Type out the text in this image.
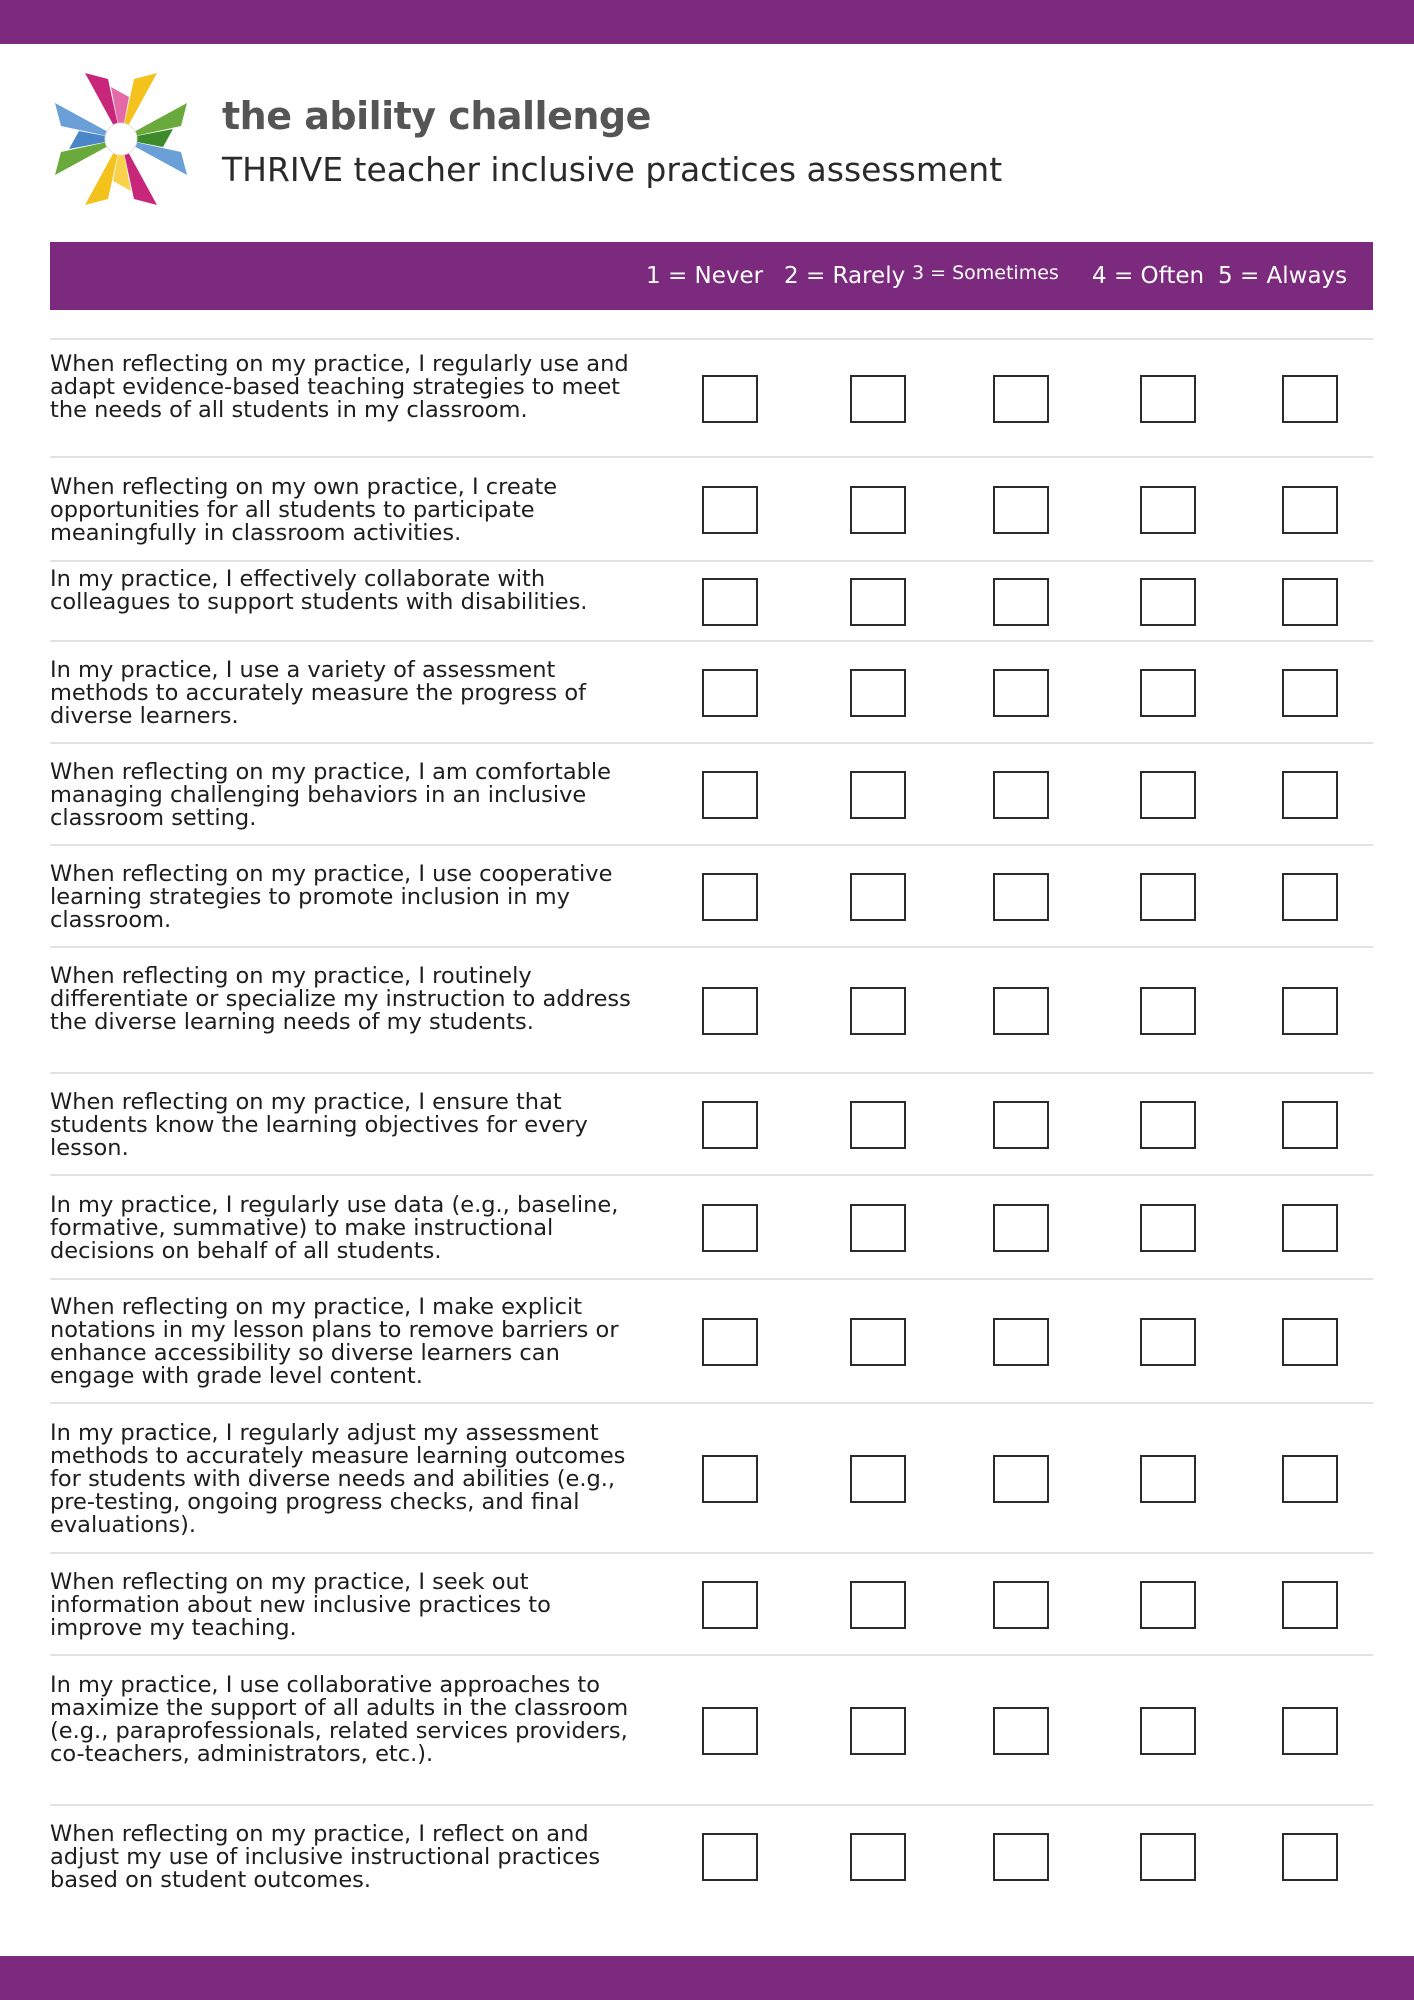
the ability challenge
THRIVE teacher inclusive practices assessment
1 = Never 2 = Rarely 3 = Sometimes 4 = Often 5 = Always
When reflecting on my practice, I regularly use and adapt evidence-based teaching strategies to meet the needs of all students in my classroom.
When reflecting on my own practice, I create opportunities for all students to participate meaningfully in classroom activities.
In my practice, I effectively collaborate with colleagues to support students with disabilities.
In my practice, I use a variety of assessment methods to accurately measure the progress of diverse learners.
When reflecting on my practice, I am comfortable managing challenging behaviors in an inclusive classroom setting.
When reflecting on my practice, I use cooperative learning strategies to promote inclusion in my classroom.
When reflecting on my practice, I routinely differentiate or specialize my instruction to address the diverse learning needs of my students.
When reflecting on my practice, I ensure that students know the learning objectives for every lesson.
In my practice, I regularly use data (e.g., baseline, formative, summative) to make instructional decisions on behalf of all students.
When reflecting on my practice, I make explicit notations in my lesson plans to remove barriers or enhance accessibility so diverse learners can engage with grade level content.
In my practice, I regularly adjust my assessment methods to accurately measure learning outcomes for students with diverse needs and abilities (e.g., pre-testing, ongoing progress checks, and final evaluations).
When reflecting on my practice, I seek out information about new inclusive practices to improve my teaching.
In my practice, I use collaborative approaches to maximize the support of all adults in the classroom (e.g., paraprofessionals, related services providers, co-teachers, administrators, etc.).
When reflecting on my practice, I reflect on and adjust my use of inclusive instructional practices based on student outcomes.
